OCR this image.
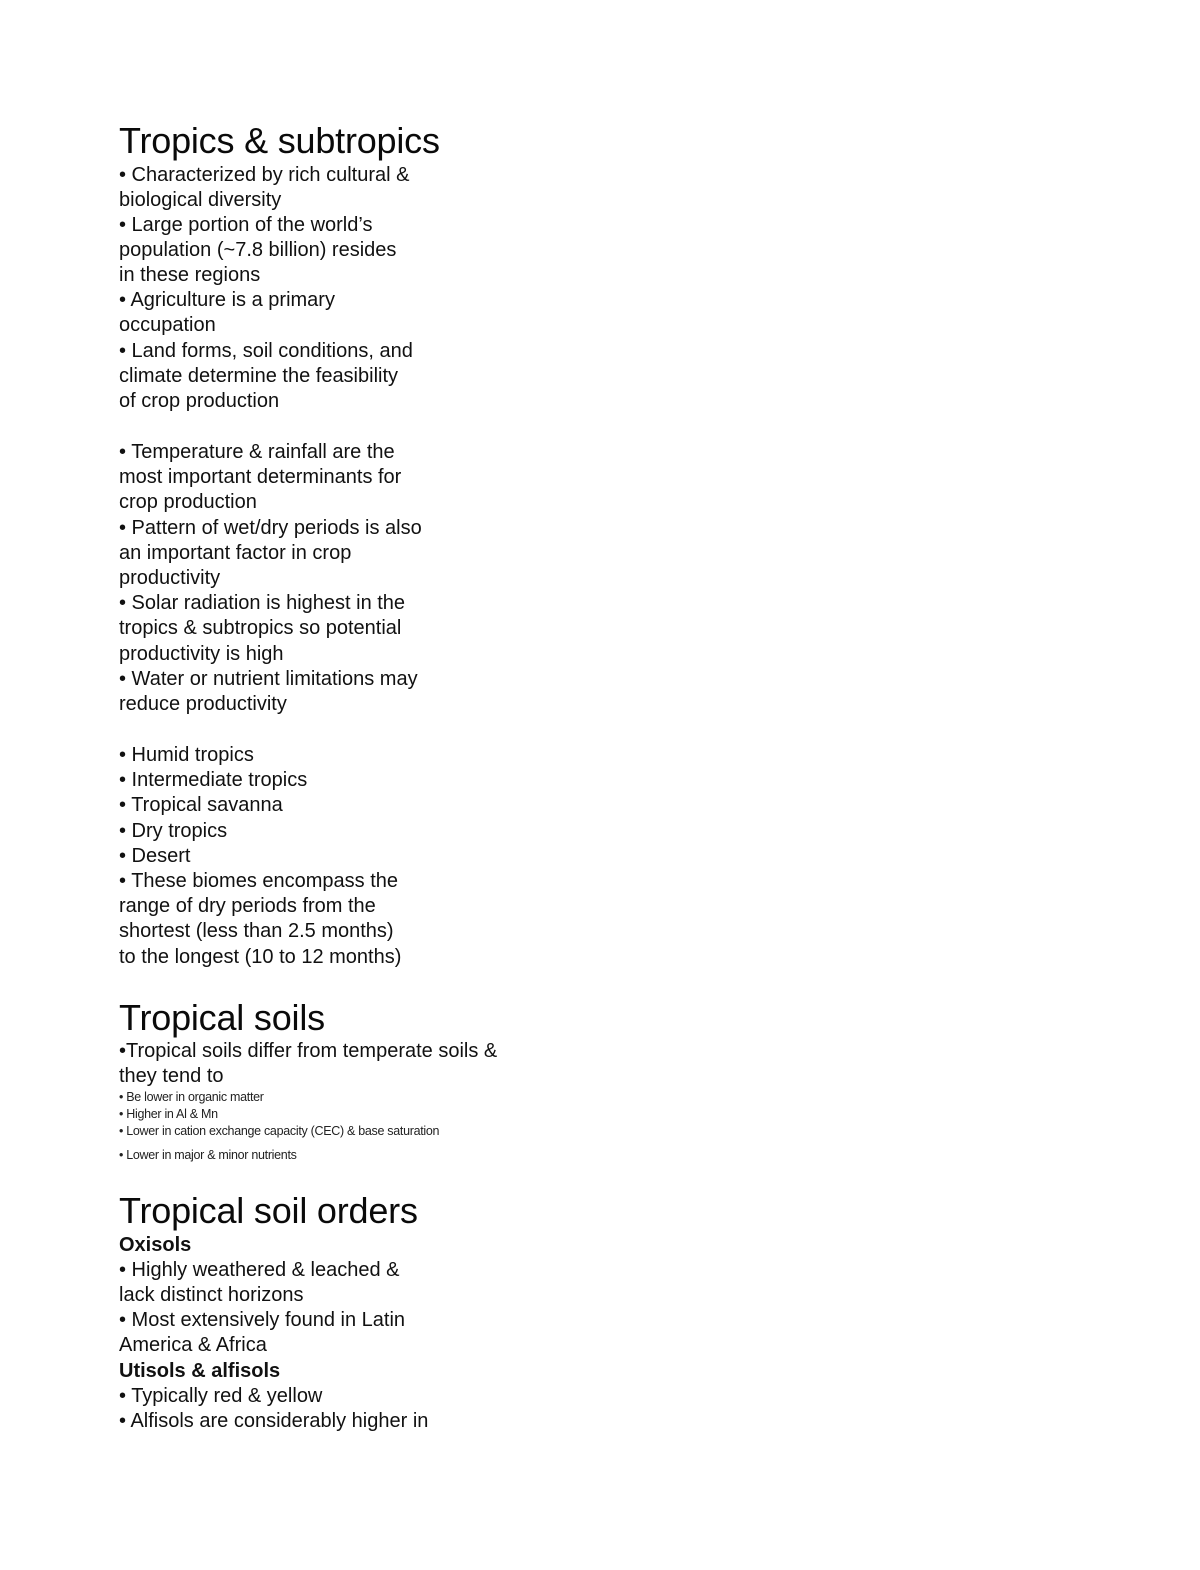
Tropics & subtropics
• Characterized by rich cultural &
biological diversity
• Large portion of the world’s
population (~7.8 billion) resides
in these regions
• Agriculture is a primary
occupation
• Land forms, soil conditions, and
climate determine the feasibility
of crop production
• Temperature & rainfall are the
most important determinants for
crop production
• Pattern of wet/dry periods is also
an important factor in crop
productivity
• Solar radiation is highest in the
tropics & subtropics so potential
productivity is high
• Water or nutrient limitations may
reduce productivity
• Humid tropics
• Intermediate tropics
• Tropical savanna
• Dry tropics
• Desert
• These biomes encompass the
range of dry periods from the
shortest (less than 2.5 months)
to the longest (10 to 12 months)
Tropical soils
•Tropical soils differ from temperate soils &
they tend to
• Be lower in organic matter
• Higher in Al & Mn
• Lower in cation exchange capacity (CEC) & base saturation
• Lower in major & minor nutrients
Tropical soil orders
Oxisols
• Highly weathered & leached &
lack distinct horizons
• Most extensively found in Latin
America & Africa
Utisols & alfisols
• Typically red & yellow
• Alfisols are considerably higher in
